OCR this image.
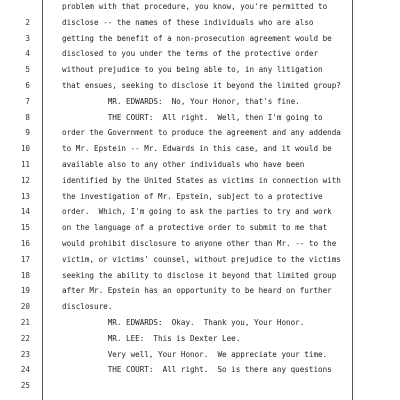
problem with that procedure, you know, you're permitted to
2	disclose -- the names of these individuals who are also
3	getting the benefit of a non-prosecution agreement would be
4	disclosed to you under the terms of the protective order
5	without prejudice to you being able to, in any litigation
6	that ensues, seeking to disclose it beyond the limited group?
7	MR. EDWARDS:  No, Your Honor, that's fine.
8	THE COURT:  All right.  Well, then I'm going to
9	order the Government to produce the agreement and any addenda
10	to Mr. Epstein -- Mr. Edwards in this case, and it would be
11	available also to any other individuals who have been
12	identified by the United States as victims in connection with
13	the investigation of Mr. Epstein, subject to a protective
14	order.  Which, I'm going to ask the parties to try and work
15	on the language of a protective order to submit to me that
16	would prohibit disclosure to anyone other than Mr. -- to the
17	victim, or victims' counsel, without prejudice to the victims
18	seeking the ability to disclose it beyond that limited group
19	after Mr. Epstein has an opportunity to be heard on further
20	disclosure.
21	MR. EDWARDS:  Okay.  Thank you, Your Honor.
22	MR. LEE:  This is Dexter Lee.
23	Very well, Your Honor.  We appreciate your time.
24	THE COURT:  All right.  So is there any questions
25
